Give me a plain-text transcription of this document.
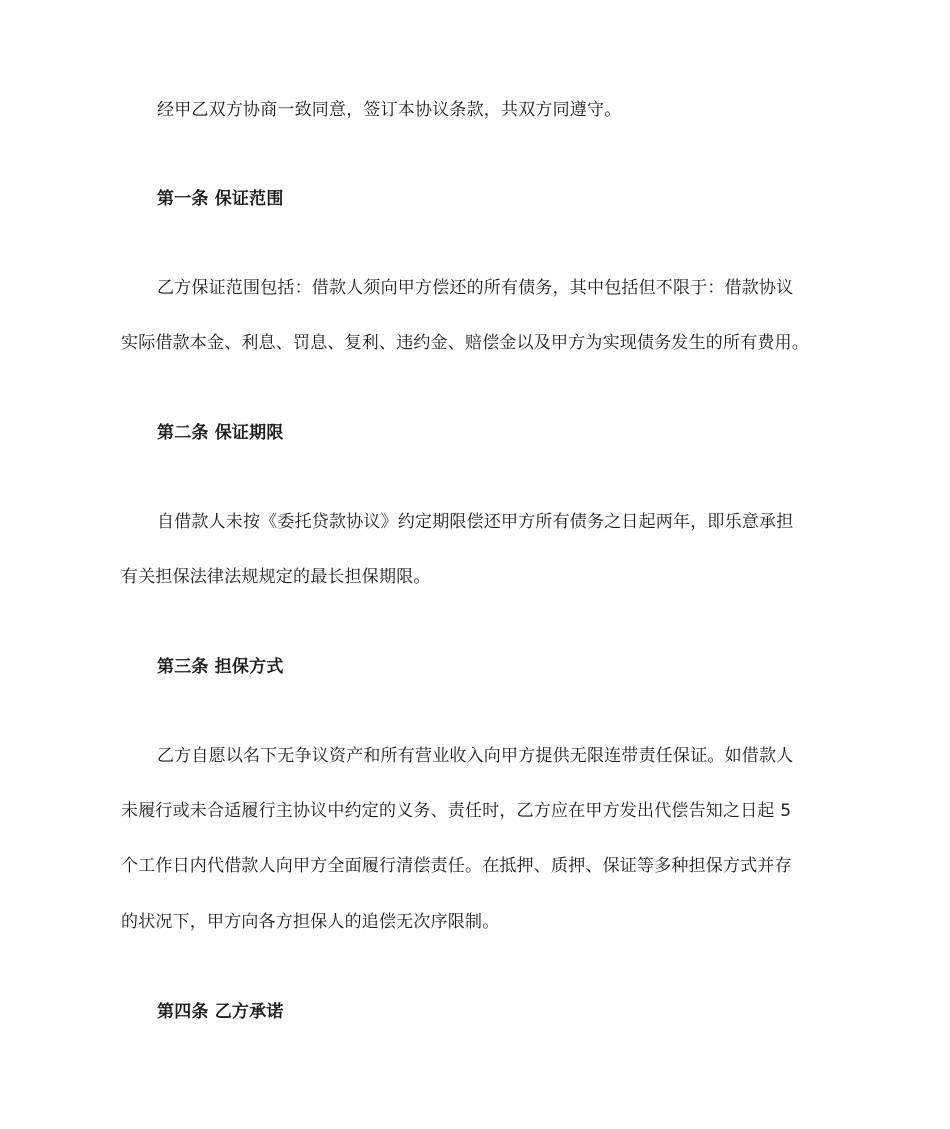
经甲乙双方协商一致同意，签订本协议条款，共双方同遵守。
第一条 保证范围
乙方保证范围包括：借款人须向甲方偿还的所有债务，其中包括但不限于：借款协议
实际借款本金、利息、罚息、复利、违约金、赔偿金以及甲方为实现债务发生的所有费用。
第二条 保证期限
自借款人未按《委托贷款协议》约定期限偿还甲方所有债务之日起两年，即乐意承担
有关担保法律法规规定的最长担保期限。
第三条 担保方式
乙方自愿以名下无争议资产和所有营业收入向甲方提供无限连带责任保证。如借款人
未履行或未合适履行主协议中约定的义务、责任时，乙方应在甲方发出代偿告知之日起 5
个工作日内代借款人向甲方全面履行清偿责任。在抵押、质押、保证等多种担保方式并存
的状况下，甲方向各方担保人的追偿无次序限制。
第四条 乙方承诺
